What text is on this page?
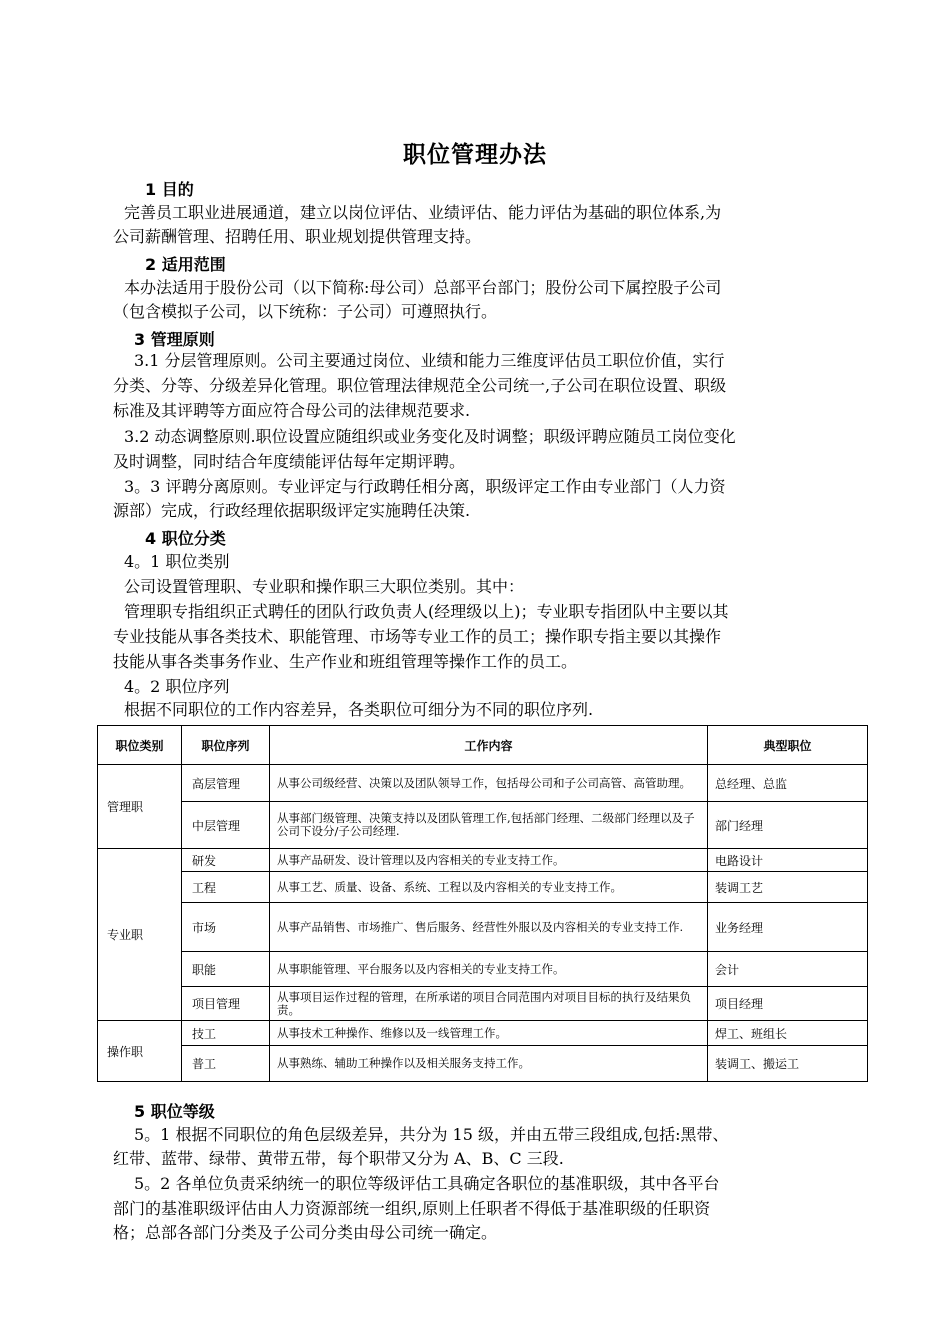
职位管理办法
1 目的
完善员工职业进展通道，建立以岗位评估、业绩评估、能力评估为基础的职位体系,为
公司薪酬管理、招聘任用、职业规划提供管理支持。
2 适用范围
本办法适用于股份公司（以下简称:母公司）总部平台部门；股份公司下属控股子公司
（包含模拟子公司，以下统称：子公司）可遵照执行。
3 管理原则
3.1 分层管理原则。公司主要通过岗位、业绩和能力三维度评估员工职位价值，实行
分类、分等、分级差异化管理。职位管理法律规范全公司统一,子公司在职位设置、职级
标准及其评聘等方面应符合母公司的法律规范要求.
3.2 动态调整原则.职位设置应随组织或业务变化及时调整；职级评聘应随员工岗位变化
及时调整，同时结合年度绩能评估每年定期评聘。
3。3 评聘分离原则。专业评定与行政聘任相分离，职级评定工作由专业部门（人力资
源部）完成，行政经理依据职级评定实施聘任决策.
4 职位分类
4。1 职位类别
公司设置管理职、专业职和操作职三大职位类别。其中：
管理职专指组织正式聘任的团队行政负责人(经理级以上)；专业职专指团队中主要以其
专业技能从事各类技术、职能管理、市场等专业工作的员工；操作职专指主要以其操作
技能从事各类事务作业、生产作业和班组管理等操作工作的员工。
4。2 职位序列
根据不同职位的工作内容差异，各类职位可细分为不同的职位序列.
职位类别	职位序列	工作内容	典型职位
管理职	高层管理	从事公司级经营、决策以及团队领导工作，包括母公司和子公司高管、高管助理。	总经理、总监
	中层管理	从事部门级管理、决策支持以及团队管理工作,包括部门经理、二级部门经理以及子公司下设分/子公司经理.	部门经理
专业职	研发	从事产品研发、设计管理以及内容相关的专业支持工作。	电路设计
	工程	从事工艺、质量、设备、系统、工程以及内容相关的专业支持工作。	装调工艺
	市场	从事产品销售、市场推广、售后服务、经营性外服以及内容相关的专业支持工作.	业务经理
	职能	从事职能管理、平台服务以及内容相关的专业支持工作。	会计
	项目管理	从事项目运作过程的管理，在所承诺的项目合同范围内对项目目标的执行及结果负责。	项目经理
操作职	技工	从事技术工种操作、维修以及一线管理工作。	焊工、班组长
	普工	从事熟练、辅助工种操作以及相关服务支持工作。	装调工、搬运工
5 职位等级
5。1 根据不同职位的角色层级差异，共分为 15 级，并由五带三段组成,包括:黑带、
红带、蓝带、绿带、黄带五带，每个职带又分为 A、B、C 三段.
5。2 各单位负责采纳统一的职位等级评估工具确定各职位的基准职级，其中各平台
部门的基准职级评估由人力资源部统一组织,原则上任职者不得低于基准职级的任职资
格；总部各部门分类及子公司分类由母公司统一确定。
